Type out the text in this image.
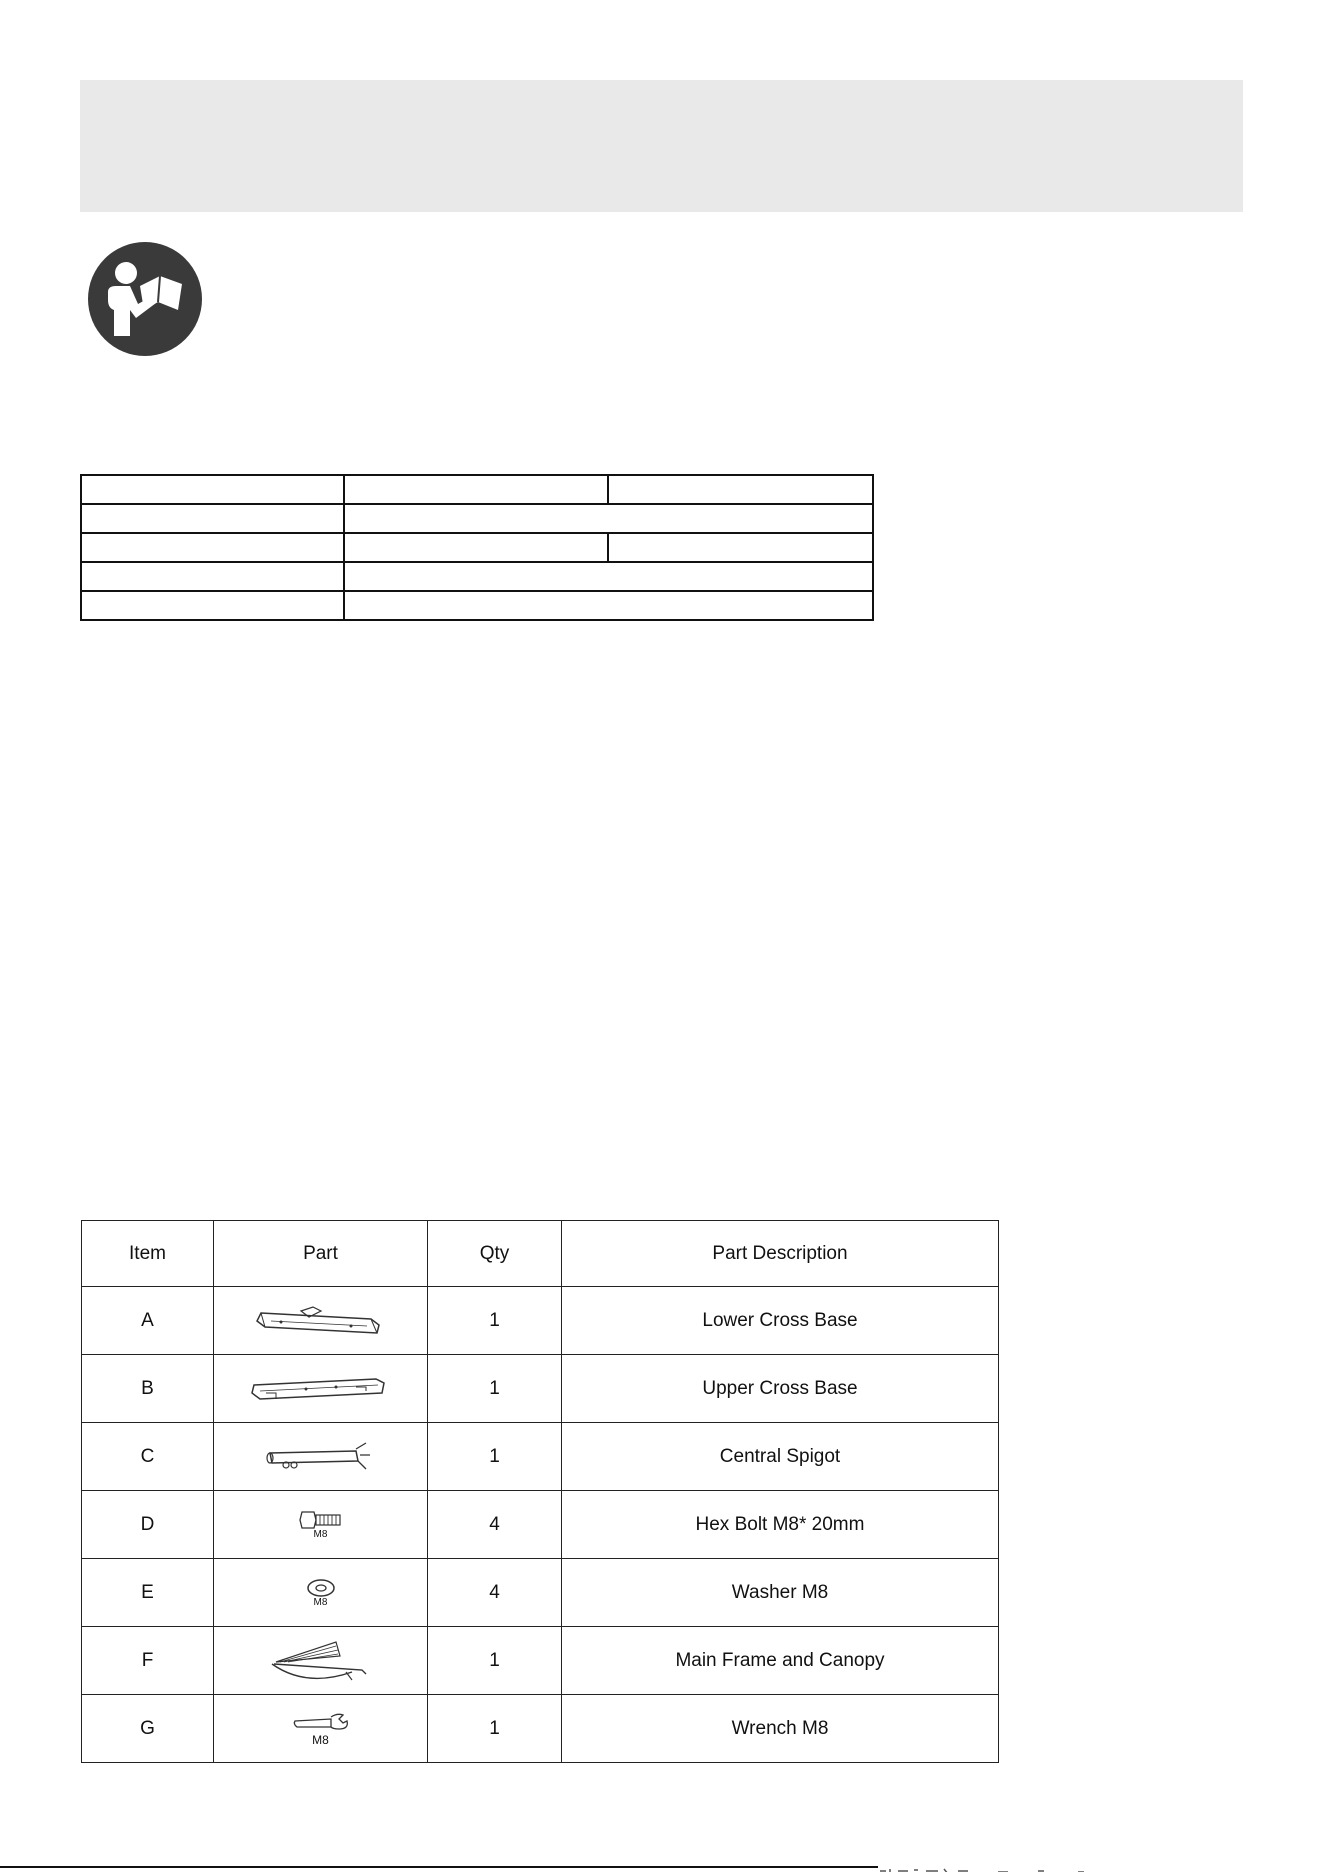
Item	Part	Qty	Part Description
A		1	Lower Cross Base
B		1	Upper Cross Base
C		1	Central Spigot
D	M8	4	Hex Bolt M8* 20mm
E	M8	4	Washer M8
F		1	Main Frame and Canopy
G	M8	1	Wrench M8
